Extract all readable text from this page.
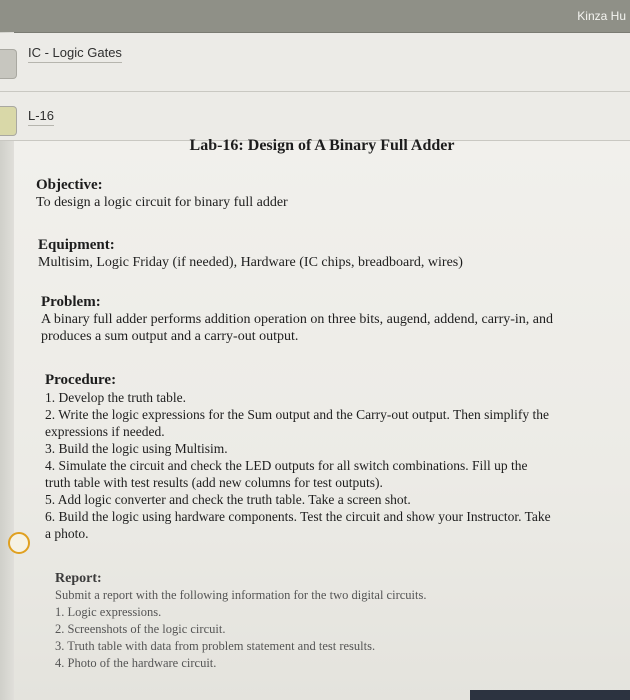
Kinza Hu
IC - Logic Gates
L-16
Lab-16: Design of A Binary Full Adder
Objective:
To design a logic circuit for binary full adder
Equipment:
Multisim, Logic Friday (if needed), Hardware (IC chips, breadboard, wires)
Problem:
A binary full adder performs addition operation on three bits, augend, addend, carry-in, and
produces a sum output and a carry-out output.
Procedure:
1. Develop the truth table.
2. Write the logic expressions for the Sum output and the Carry-out output. Then simplify the
expressions if needed.
3. Build the logic using Multisim.
4. Simulate the circuit and check the LED outputs for all switch combinations. Fill up the
truth table with test results (add new columns for test outputs).
5. Add logic converter and check the truth table. Take a screen shot.
6. Build the logic using hardware components. Test the circuit and show your Instructor. Take
a photo.
Report:
Submit a report with the following information for the two digital circuits.
1. Logic expressions.
2. Screenshots of the logic circuit.
3. Truth table with data from problem statement and test results.
4. Photo of the hardware circuit.
